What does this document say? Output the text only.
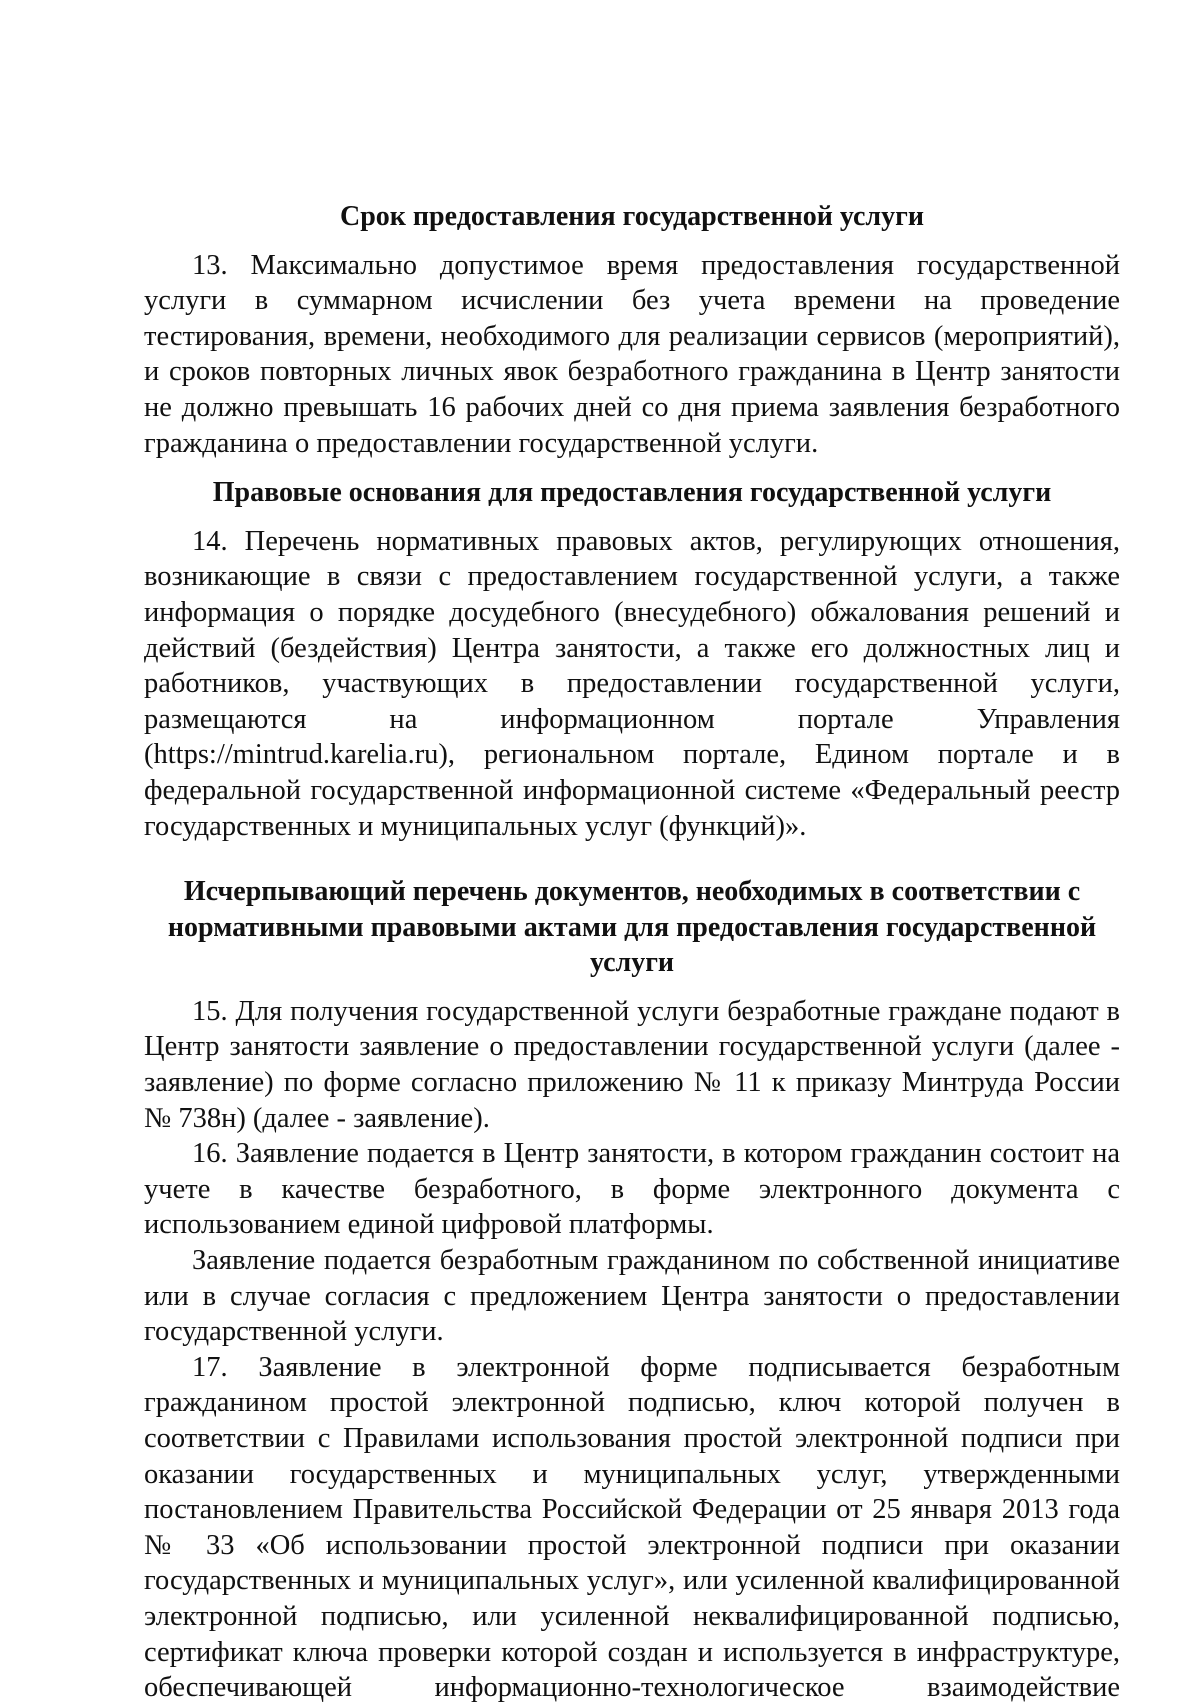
Срок предоставления государственной услуги

13. Максимально допустимое время предоставления государственной услуги в суммарном исчислении без учета времени на проведение тестирования, времени, необходимого для реализации сервисов (мероприятий), и сроков повторных личных явок безработного гражданина в Центр занятости не должно превышать 16 рабочих дней со дня приема заявления безработного гражданина о предоставлении государственной услуги.

Правовые основания для предоставления государственной услуги

14. Перечень нормативных правовых актов, регулирующих отношения, возникающие в связи с предоставлением государственной услуги, а также информация о порядке досудебного (внесудебного) обжалования решений и действий (бездействия) Центра занятости, а также его должностных лиц и работников, участвующих в предоставлении государственной услуги, размещаются на информационном портале Управления (https://mintrud.karelia.ru), региональном портале, Едином портале и в федеральной государственной информационной системе «Федеральный реестр государственных и муниципальных услуг (функций)».

Исчерпывающий перечень документов, необходимых в соответствии с нормативными правовыми актами для предоставления государственной услуги

15. Для получения государственной услуги безработные граждане подают в Центр занятости заявление о предоставлении государственной услуги (далее - заявление) по форме согласно приложению № 11 к приказу Минтруда России № 738н) (далее - заявление).

16. Заявление подается в Центр занятости, в котором гражданин состоит на учете в качестве безработного, в форме электронного документа с использованием единой цифровой платформы.

Заявление подается безработным гражданином по собственной инициативе или в случае согласия с предложением Центра занятости о предоставлении государственной услуги.

17. Заявление в электронной форме подписывается безработным гражданином простой электронной подписью, ключ которой получен в соответствии с Правилами использования простой электронной подписи при оказании государственных и муниципальных услуг, утвержденными постановлением Правительства Российской Федерации от 25 января 2013 года № 33 «Об использовании простой электронной подписи при оказании государственных и муниципальных услуг», или усиленной квалифицированной электронной подписью, или усиленной неквалифицированной подписью, сертификат ключа проверки которой создан и используется в инфраструктуре, обеспечивающей информационно-технологическое взаимодействие
